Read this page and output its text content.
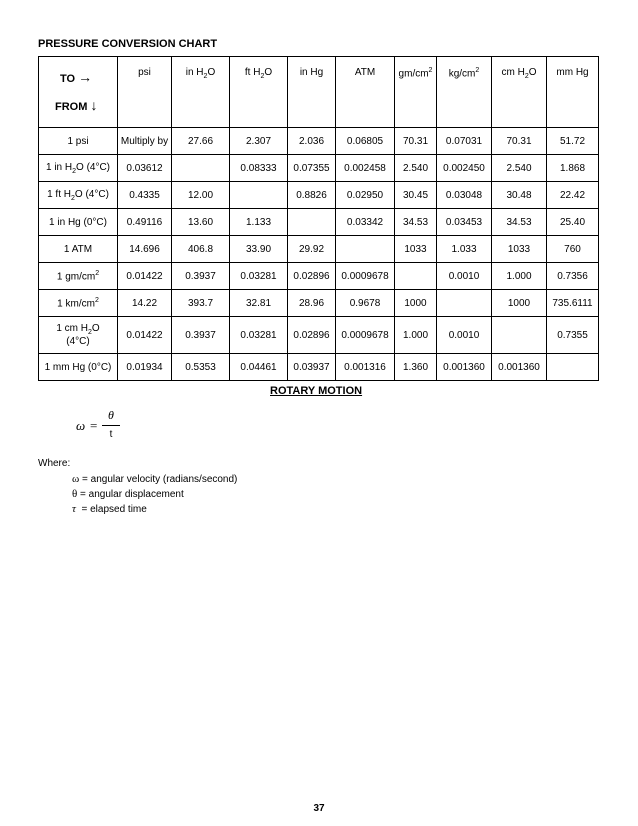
PRESSURE CONVERSION CHART
TO →
FROM ↓	psi	in $H_2O$	ft $H_2O$	in Hg	ATM	$gm/cm^2$	$kg/cm^2$	cm $H_2O$	mm Hg
1 psi	Multiply by	27.66	2.307	2.036	0.06805	70.31	0.07031	70.31	51.72
1 in $H_2O$ (4°C)	0.03612		0.08333	0.07355	0.002458	2.540	0.002450	2.540	1.868
1 ft $H_2O$ (4°C)	0.4335	12.00		0.8826	0.02950	30.45	0.03048	30.48	22.42
1 in Hg (0°C)	0.49116	13.60	1.133		0.03342	34.53	0.03453	34.53	25.40
1 ATM	14.696	406.8	33.90	29.92		1033	1.033	1033	760
1 $gm/cm^2$	0.01422	0.3937	0.03281	0.02896	0.0009678		0.0010	1.000	0.7356
1 $km/cm^2$	14.22	393.7	32.81	28.96	0.9678	1000		1000	735.6111
1 cm $H_2O$
(4°C)	0.01422	0.3937	0.03281	0.02896	0.0009678	1.000	0.0010		0.7355
1 mm Hg (0°C)	0.01934	0.5353	0.04461	0.03937	0.001316	1.360	0.001360	0.001360	
ROTARY MOTION
ω =
θ
t
Where:
ω = angular velocity (radians/second)
θ = angular displacement
τ  = elapsed time
37
